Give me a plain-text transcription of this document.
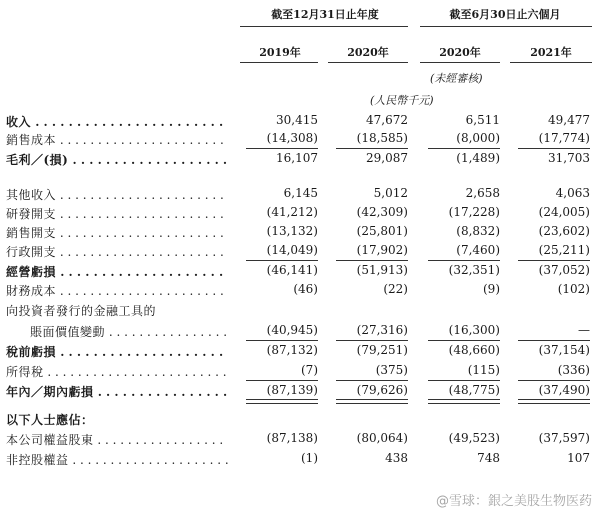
截至12月31日止年度	截至6月30日止六個月
2019年	2020年	2020年	2021年
(未經審核)
(人民幣千元)
收入 . . .	30,415	47,672	6,511	49,477
銷售成本 . . .	(14,308)	(18,585)	(8,000)	(17,774)
毛利／(損) . . .	16,107	29,087	(1,489)	31,703
其他收入 . . .	6,145	5,012	2,658	4,063
研發開支 . . .	(41,212)	(42,309)	(17,228)	(24,005)
銷售開支 . . .	(13,132)	(25,801)	(8,832)	(23,602)
行政開支 . . .	(14,049)	(17,902)	(7,460)	(25,211)
經營虧損 . . .	(46,141)	(51,913)	(32,351)	(37,052)
財務成本 . . .	(46)	(22)	(9)	(102)
向投資者發行的金融工具的
賬面價值變動 . . .	(40,945)	(27,316)	(16,300)	—
稅前虧損 . . .	(87,132)	(79,251)	(48,660)	(37,154)
所得稅 . . .	(7)	(375)	(115)	(336)
年內／期內虧損 . . .	(87,139)	(79,626)	(48,775)	(37,490)
以下人士應佔：
本公司權益股東 . . .	(87,138)	(80,064)	(49,523)	(37,597)
非控股權益 . . .	(1)	438	748	107
@雪球：銀之美股生物医药
